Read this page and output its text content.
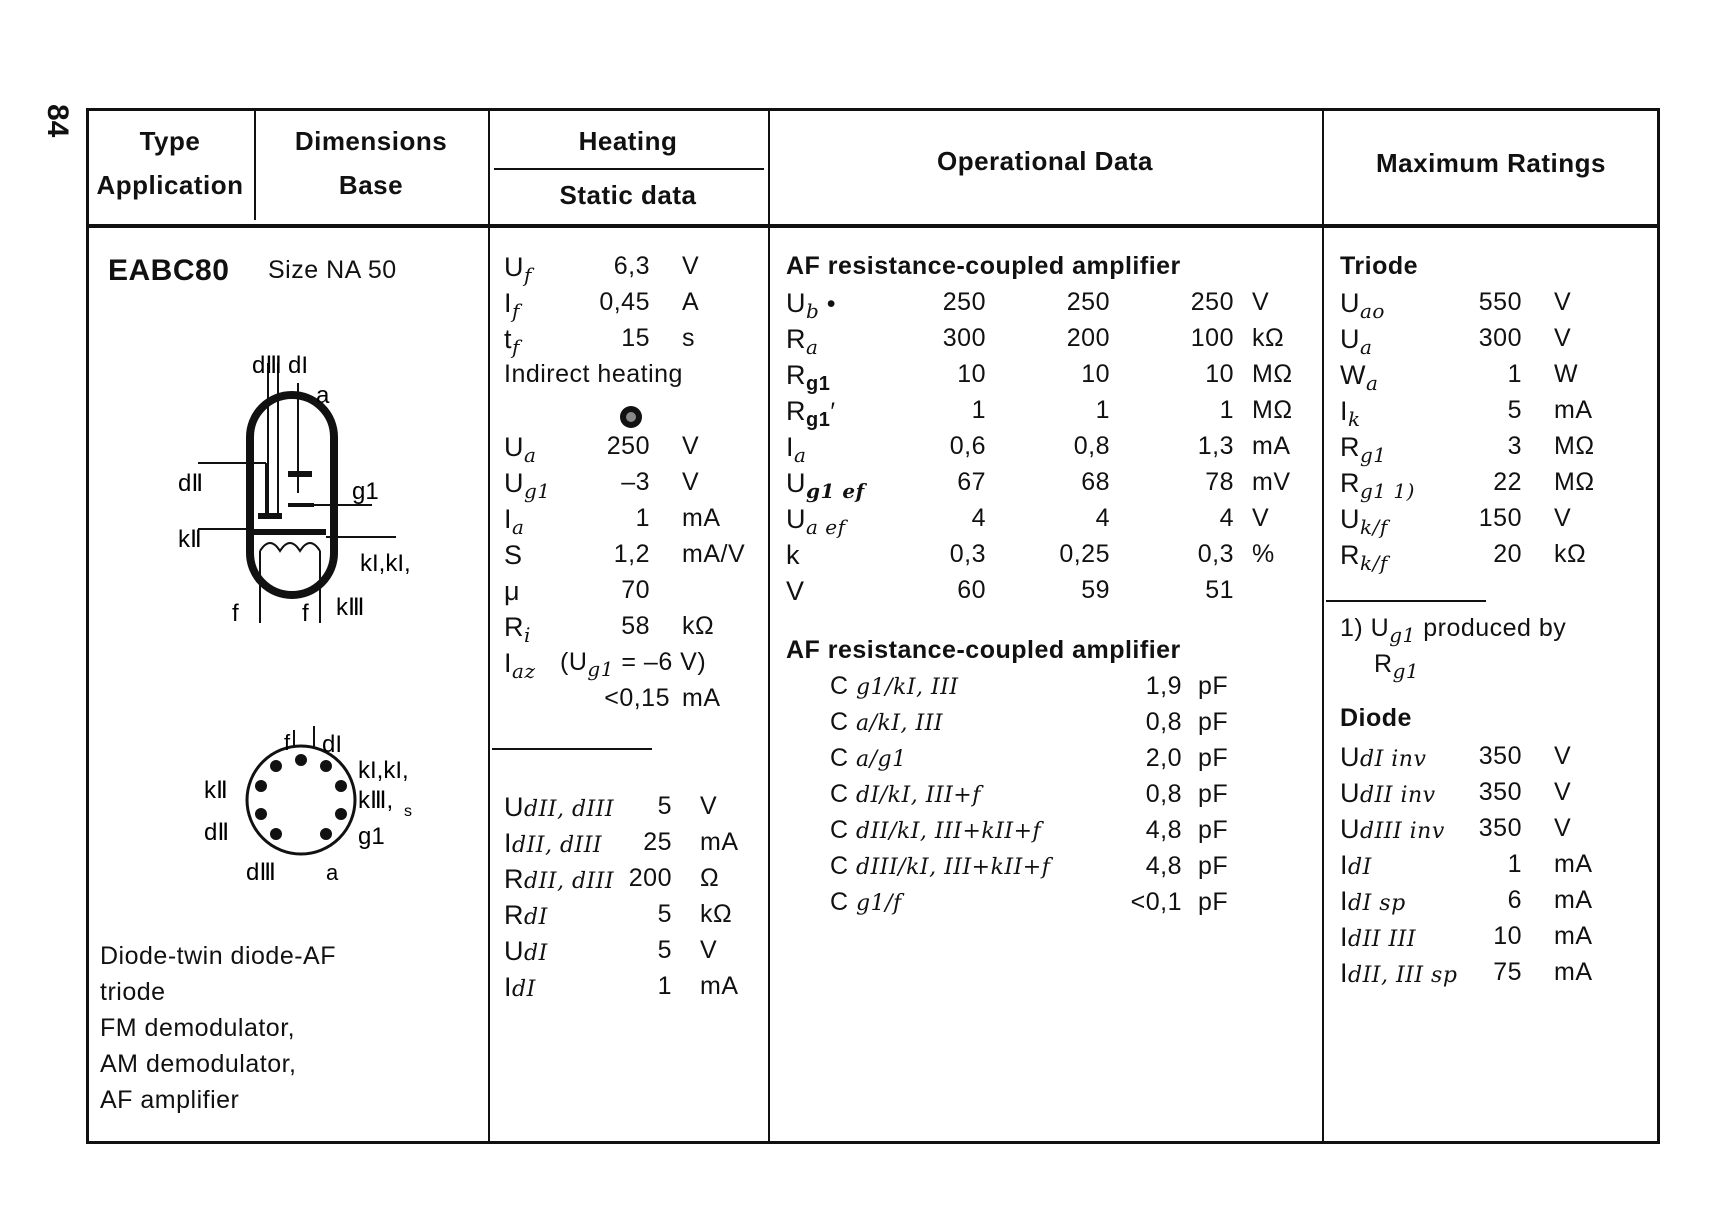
84
Type
Application
Dimensions
Base
Heating
Static data
Operational Data	Maximum Ratings
EABC80 Size NA 50
dⅢ dI
a
dⅡ	g1
kⅡ
kI,kI,
f	f kⅢ
f dI
kI,kI,
kⅡ	kⅢ, s
dⅡ	g1
dⅢ a
Diode-twin diode-AF
triode
FM demodulator,
AM demodulator,
AF amplifier
$U_f$	6,3 V
$I_f$	0,45 A
$t_f$	15 s
Indirect heating
$U_a$	250 V
$U_{g1}$	–3 V
$I_a$	1 mA
S	1,2 mA/V
μ	70
$R_i$	58 kΩ
$I_{az}$ ($U_{g1} = -6$ V)
<0,15 mA
UdII, dIII 5 V
IdII, dIII 25 mA
RdII, dIII 200 Ω
RdI	5 kΩ
UdI	5 V
IdI	1 mA
AF resistance-coupled amplifier
$U_b$ •	250	250	250 V
$R_a$	300	200	100 kΩ
$R_{g1}$	10	10	10 MΩ
$R_{g1}'$	1	1	1 MΩ
$I_a$	0,6	0,8	1,3 mA
$U_{g1 ef}$	67	68	78 mV
$U_{a ef}$	4	4	4 V
k	0,3	0,25	0,3 %
V	60	59	51
AF resistance-coupled amplifier
C g1/kI, III	1,9 pF
C a/kI, III	0,8 pF
C a/g1	2,0 pF
C dI/kI, III+f	0,8 pF
C dII/kI, III+kII+f	4,8 pF
C dIII/kI, III+kII+f	4,8 pF
C g1/f	<0,1 pF
Triode
$U_{ao}$	550 V
$U_a$	300 V
$W_a$	1 W
$I_k$	5 mA
$R_{g1}$	3 MΩ
$R_{g1 1)}$	22 MΩ
$U_{k/f}$	150 V
$R_{k/f}$	20 kΩ
1) $U_{g1}$ produced by
$R_{g1}$
Diode
UdI inv 350 V
UdII inv 350 V
UdIII inv 350 V
IdI	1 mA
IdI sp	6 mA
IdII III	10 mA
IdII, III sp 75 mA
